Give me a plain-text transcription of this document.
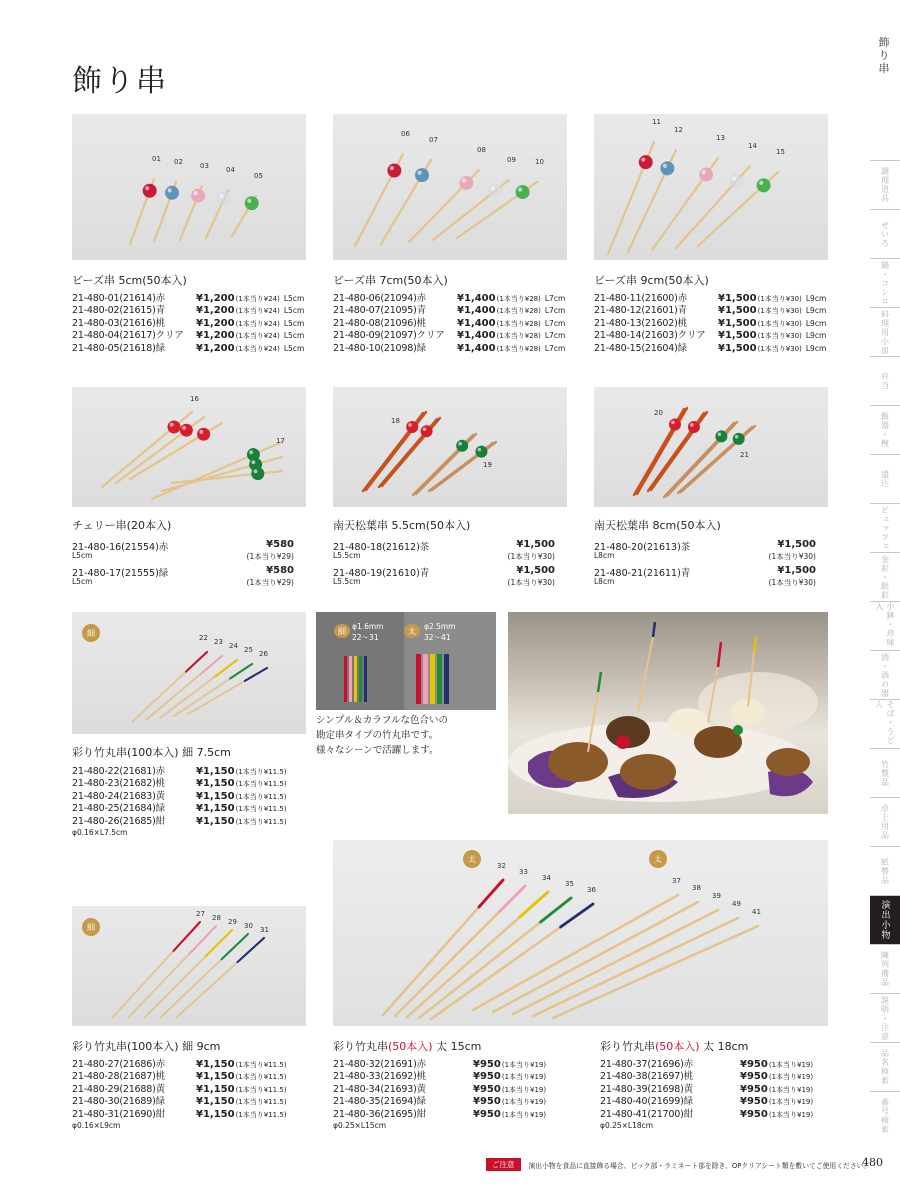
飾り串
飾り串
調理道具
せいろ
鍋・コンロ
料理用小皿
弁当
飯器・椀
盛込
ビュッフェ
金彩・銀彩
小鉢・珍味入
酒・酒の器
そば・うどん
竹製品
卓上用品
紙製品
演出小物
陳列備品
説明・注意
品名検索
番号検索
01 02 03 04
05
06
07
08
09	10
11
12
13
14
15
ビーズ串 5cm(50本入)	ビーズ串 7cm(50本入)	ビーズ串 9cm(50本入)
21-480-01(21614)赤	¥1,200 (1本当り¥24) L5cm
21-480-02(21615)青	¥1,200 (1本当り¥24) L5cm
21-480-03(21616)桃	¥1,200 (1本当り¥24) L5cm
21-480-04(21617)クリア	¥1,200 (1本当り¥24) L5cm
21-480-05(21618)緑	¥1,200 (1本当り¥24) L5cm
21-480-06(21094)赤	¥1,400 (1本当り¥28) L7cm
21-480-07(21095)青	¥1,400 (1本当り¥28) L7cm
21-480-08(21096)桃	¥1,400 (1本当り¥28) L7cm
21-480-09(21097)クリア	¥1,400 (1本当り¥28) L7cm
21-480-10(21098)緑	¥1,400 (1本当り¥28) L7cm
21-480-11(21600)赤	¥1,500 (1本当り¥30) L9cm
21-480-12(21601)青	¥1,500 (1本当り¥30) L9cm
21-480-13(21602)桃	¥1,500 (1本当り¥30) L9cm
21-480-14(21603)クリア	¥1,500 (1本当り¥30) L9cm
21-480-15(21604)緑	¥1,500 (1本当り¥30) L9cm
16
17
18
19
20
21
チェリー串(20本入)	南天松葉串 5.5cm(50本入)	南天松葉串 8cm(50本入)
21-480-16(21554)赤
L5cm
¥580
(1本当り¥29)
21-480-17(21555)緑
L5cm
¥580
(1本当り¥29)
21-480-18(21612)茶
L5.5cm
¥1,500
(1本当り¥30)
21-480-19(21610)青
L5.5cm
¥1,500
(1本当り¥30)
21-480-20(21613)茶
L8cm
¥1,500
(1本当り¥30)
21-480-21(21611)青
L8cm
¥1,500
(1本当り¥30)
22 23 24 25 26
細	細 φ1.6mm
22〜31
太	φ2.5mm
32〜41
シンプル＆カラフルな色合いの
勘定串タイプの竹丸串です。
様々なシーンで活躍します。
彩り竹丸串(100本入) 細 7.5cm
21-480-22(21681)赤	¥1,150 (1本当り¥11.5)
21-480-23(21682)桃	¥1,150 (1本当り¥11.5)
21-480-24(21683)黄	¥1,150 (1本当り¥11.5)
21-480-25(21684)緑	¥1,150 (1本当り¥11.5)
21-480-26(21685)紺	¥1,150 (1本当り¥11.5)
φ0.16×L7.5cm
27 28 29 30 31
細
32
33
34
35
36
37
38
39
49
41
太	太
彩り竹丸串(100本入) 細 9cm	彩り竹丸串(50本入) 太 15cm	彩り竹丸串(50本入) 太 18cm
21-480-27(21686)赤	¥1,150 (1本当り¥11.5)
21-480-28(21687)桃	¥1,150 (1本当り¥11.5)
21-480-29(21688)黄	¥1,150 (1本当り¥11.5)
21-480-30(21689)緑	¥1,150 (1本当り¥11.5)
21-480-31(21690)紺	¥1,150 (1本当り¥11.5)
21-480-32(21691)赤	¥950 (1本当り¥19)
21-480-33(21692)桃	¥950 (1本当り¥19)
21-480-34(21693)黄	¥950 (1本当り¥19)
21-480-35(21694)緑	¥950 (1本当り¥19)
21-480-36(21695)紺	¥950 (1本当り¥19)
21-480-37(21696)赤	¥950 (1本当り¥19)
21-480-38(21697)桃	¥950 (1本当り¥19)
21-480-39(21698)黄	¥950 (1本当り¥19)
21-480-40(21699)緑	¥950 (1本当り¥19)
21-480-41(21700)紺	¥950 (1本当り¥19)
φ0.16×L9cm	φ0.25×L15cm	φ0.25×L18cm
ご注意	演出小物を食品に直接飾る場合、ピック部・ラミネート部を除き、OPクリアシート類を敷いてご使用ください。
480
